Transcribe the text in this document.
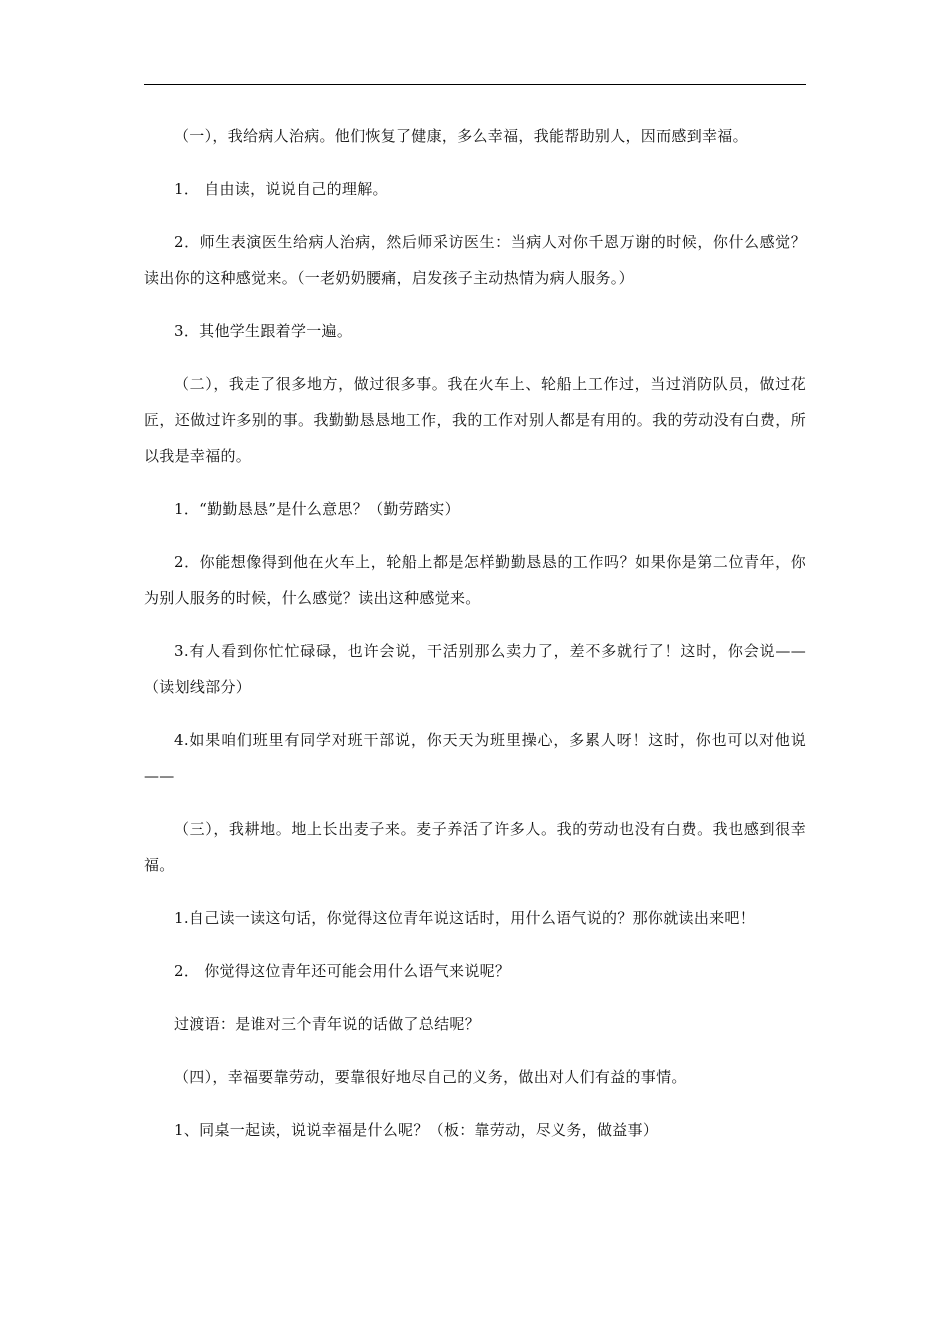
（一），我给病人治病。他们恢复了健康，多么幸福，我能帮助别人，因而感到幸福。

1． 自由读，说说自己的理解。

2．师生表演医生给病人治病，然后师采访医生：当病人对你千恩万谢的时候，你什么感觉？读出你的这种感觉来。（一老奶奶腰痛，启发孩子主动热情为病人服务。）

3．其他学生跟着学一遍。

（二），我走了很多地方，做过很多事。我在火车上、轮船上工作过，当过消防队员，做过花匠，还做过许多别的事。我勤勤恳恳地工作，我的工作对别人都是有用的。我的劳动没有白费，所以我是幸福的。

1．“勤勤恳恳”是什么意思？（勤劳踏实）

2．你能想像得到他在火车上，轮船上都是怎样勤勤恳恳的工作吗？如果你是第二位青年，你为别人服务的时候，什么感觉？读出这种感觉来。

3.有人看到你忙忙碌碌，也许会说，干活别那么卖力了，差不多就行了！这时，你会说——（读划线部分）

4.如果咱们班里有同学对班干部说，你天天为班里操心，多累人呀！这时，你也可以对他说——

（三），我耕地。地上长出麦子来。麦子养活了许多人。我的劳动也没有白费。我也感到很幸福。

1.自己读一读这句话，你觉得这位青年说这话时，用什么语气说的？那你就读出来吧！

2． 你觉得这位青年还可能会用什么语气来说呢？

过渡语：是谁对三个青年说的话做了总结呢？

（四），幸福要靠劳动，要靠很好地尽自己的义务，做出对人们有益的事情。

1、同桌一起读，说说幸福是什么呢？（板：靠劳动，尽义务，做益事）
